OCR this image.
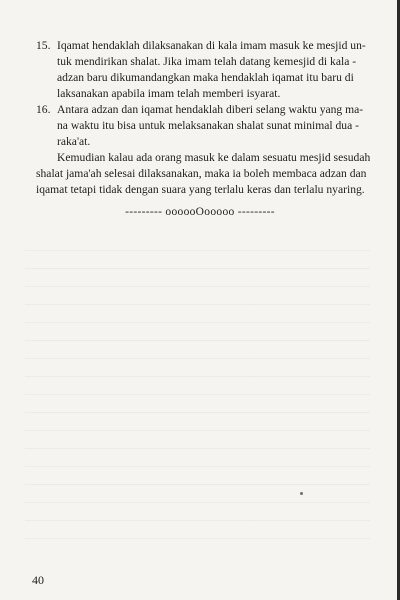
15. Iqamat hendaklah dilaksanakan di kala imam masuk ke mesjid un-
tuk mendirikan shalat. Jika imam telah datang kemesjid di kala -
adzan baru dikumandangkan maka hendaklah iqamat itu baru di
laksanakan apabila imam telah memberi isyarat.
16. Antara adzan dan iqamat hendaklah diberi selang waktu yang ma-
na waktu itu bisa untuk melaksanakan shalat sunat minimal dua -
raka'at.
Kemudian kalau ada orang masuk ke dalam sesuatu mesjid sesudah
shalat jama'ah selesai dilaksanakan, maka ia boleh membaca adzan dan
iqamat tetapi tidak dengan suara yang terlalu keras dan terlalu nyaring.
--------- oooooOooooo ---------
40
